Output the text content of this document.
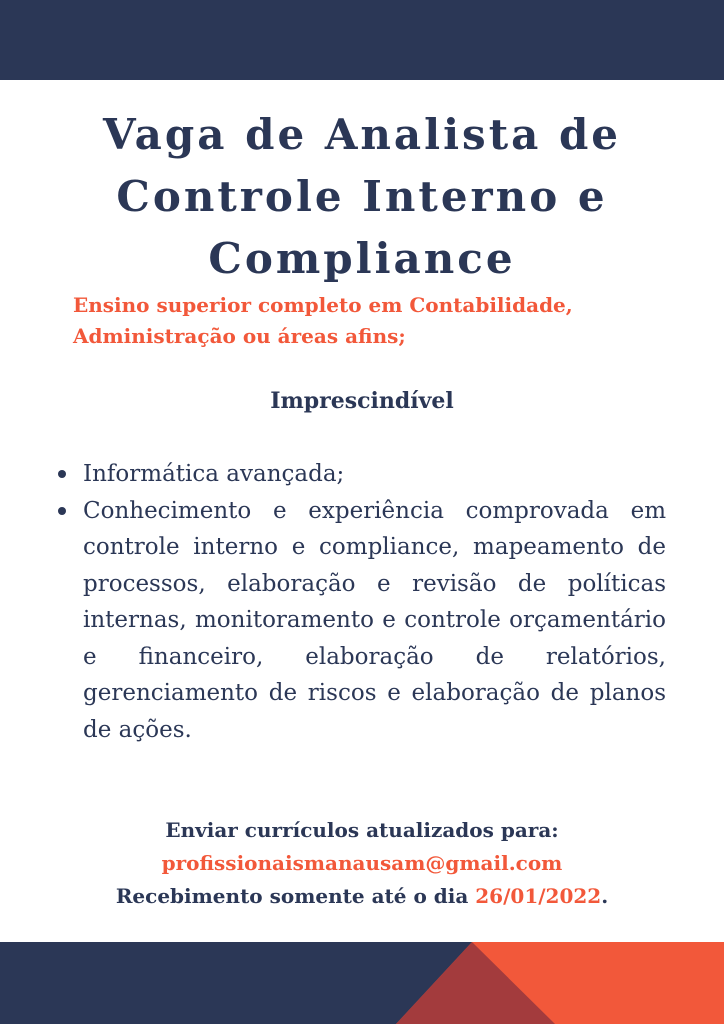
Vaga de Analista de
Controle Interno e
Compliance
Ensino superior completo em Contabilidade,
Administração ou áreas afins;
Imprescindível
Informática avançada;
Conhecimento e experiência comprovada em controle interno e compliance, mapeamento de processos, elaboração e revisão de políticas internas, monitoramento e controle orçamentário e financeiro, elaboração de relatórios, gerenciamento de riscos e elaboração de planos de ações.
Enviar currículos atualizados para:
profissionaismanausam@gmail.com
Recebimento somente até o dia 26/01/2022.
